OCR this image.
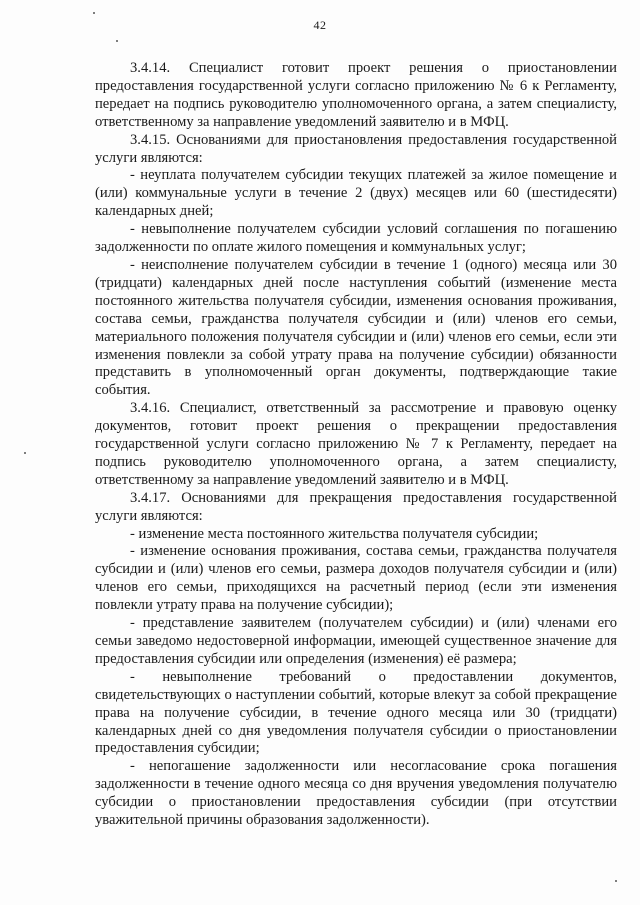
42

3.4.14. Специалист готовит проект решения о приостановлении предоставления государственной услуги согласно приложению № 6 к Регламенту, передает на подпись руководителю уполномоченного органа, а затем специалисту, ответственному за направление уведомлений заявителю и в МФЦ.

3.4.15. Основаниями для приостановления предоставления государственной услуги являются:

- неуплата получателем субсидии текущих платежей за жилое помещение и (или) коммунальные услуги в течение 2 (двух) месяцев или 60 (шестидесяти) календарных дней;

- невыполнение получателем субсидии условий соглашения по погашению задолженности по оплате жилого помещения и коммунальных услуг;

- неисполнение получателем субсидии в течение 1 (одного) месяца или 30 (тридцати) календарных дней после наступления событий (изменение места постоянного жительства получателя субсидии, изменения основания проживания, состава семьи, гражданства получателя субсидии и (или) членов его семьи, материального положения получателя субсидии и (или) членов его семьи, если эти изменения повлекли за собой утрату права на получение субсидии) обязанности представить в уполномоченный орган документы, подтверждающие такие события.

3.4.16. Специалист, ответственный за рассмотрение и правовую оценку документов, готовит проект решения о прекращении предоставления государственной услуги согласно приложению № 7 к Регламенту, передает на подпись руководителю уполномоченного органа, а затем специалисту, ответственному за направление уведомлений заявителю и в МФЦ.

3.4.17. Основаниями для прекращения предоставления государственной услуги являются:

- изменение места постоянного жительства получателя субсидии;

- изменение основания проживания, состава семьи, гражданства получателя субсидии и (или) членов его семьи, размера доходов получателя субсидии и (или) членов его семьи, приходящихся на расчетный период (если эти изменения повлекли утрату права на получение субсидии);

- представление заявителем (получателем субсидии) и (или) членами его семьи заведомо недостоверной информации, имеющей существенное значение для предоставления субсидии или определения (изменения) её размера;

- невыполнение требований о предоставлении документов, свидетельствующих о наступлении событий, которые влекут за собой прекращение права на получение субсидии, в течение одного месяца или 30 (тридцати) календарных дней со дня уведомления получателя субсидии о приостановлении предоставления субсидии;

- непогашение задолженности или несогласование срока погашения задолженности в течение одного месяца со дня вручения уведомления получателю субсидии о приостановлении предоставления субсидии (при отсутствии уважительной причины образования задолженности).
